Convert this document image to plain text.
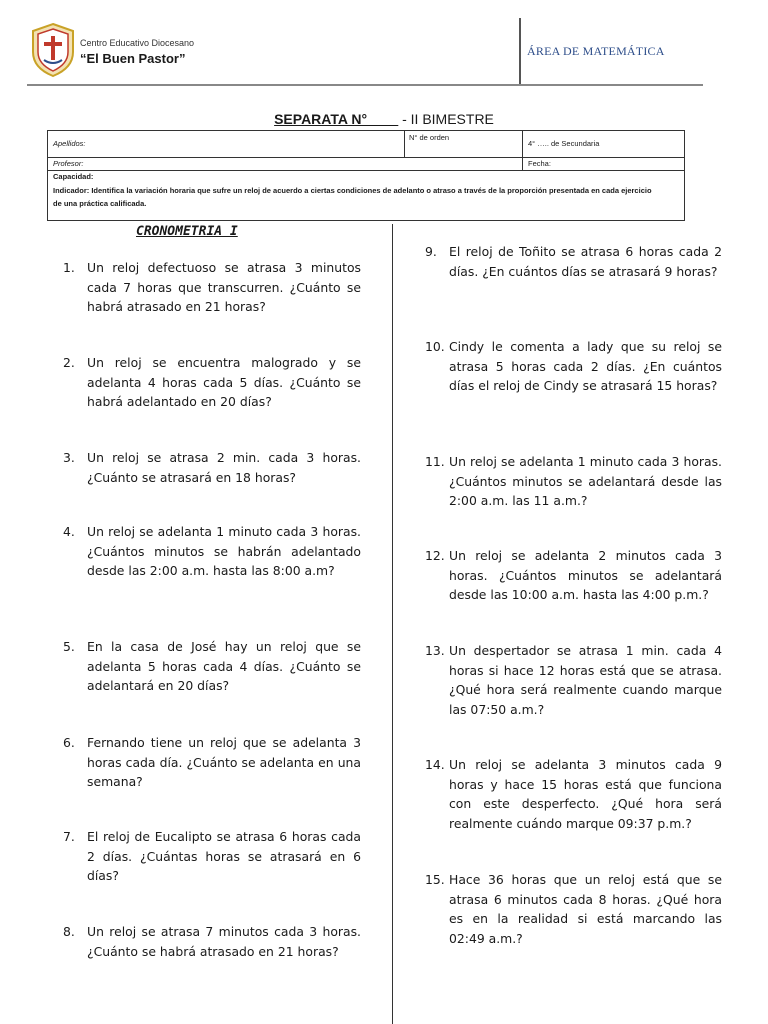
Centro Educativo Diocesano
“El Buen Pastor”	ÁREA DE MATEMÁTICA
SEPARATA N°____ - II BIMESTRE
Apellidos:
N° de orden
4° ….. de Secundaria
Profesor:	Fecha:
Capacidad:
Indicador: Identifica la variación horaria que sufre un reloj de acuerdo a ciertas condiciones de adelanto o atraso a través de la proporción presentada en cada ejercicio de una práctica calificada.
CRONOMETRIA I
1. Un reloj defectuoso se atrasa 3 minutos cada 7 horas que transcurren. ¿Cuánto se habrá atrasado en 21 horas?
2. Un reloj se encuentra malogrado y se adelanta 4 horas cada 5 días. ¿Cuánto se habrá adelantado en 20 días?
3. Un reloj se atrasa 2 min. cada 3 horas. ¿Cuánto se atrasará en 18 horas?
4. Un reloj se adelanta 1 minuto cada 3 horas. ¿Cuántos minutos se habrán adelantado desde las 2:00 a.m. hasta las 8:00 a.m?
5. En la casa de José hay un reloj que se adelanta 5 horas cada 4 días. ¿Cuánto se adelantará en 20 días?
6. Fernando tiene un reloj que se adelanta 3 horas cada día. ¿Cuánto se adelanta en una semana?
7. El reloj de Eucalipto se atrasa 6 horas cada 2 días. ¿Cuántas horas se atrasará en 6 días?
8. Un reloj se atrasa 7 minutos cada 3 horas. ¿Cuánto se habrá atrasado en 21 horas?
9. El reloj de Toñito se atrasa 6 horas cada 2 días. ¿En cuántos días se atrasará 9 horas?
10. Cindy le comenta a lady que su reloj se atrasa 5 horas cada 2 días. ¿En cuántos días el reloj de Cindy se atrasará 15 horas?
11. Un reloj se adelanta 1 minuto cada 3 horas. ¿Cuántos minutos se adelantará desde las 2:00 a.m. las 11 a.m.?
12. Un reloj se adelanta 2 minutos cada 3 horas. ¿Cuántos minutos se adelantará desde las 10:00 a.m. hasta las 4:00 p.m.?
13. Un despertador se atrasa 1 min. cada 4 horas si hace 12 horas está que se atrasa. ¿Qué hora será realmente cuando marque las 07:50 a.m.?
14. Un reloj se adelanta 3 minutos cada 9 horas y hace 15 horas está que funciona con este desperfecto. ¿Qué hora será realmente cuándo marque 09:37 p.m.?
15. Hace 36 horas que un reloj está que se atrasa 6 minutos cada 8 horas. ¿Qué hora es en la realidad si está marcando las 02:49 a.m.?
